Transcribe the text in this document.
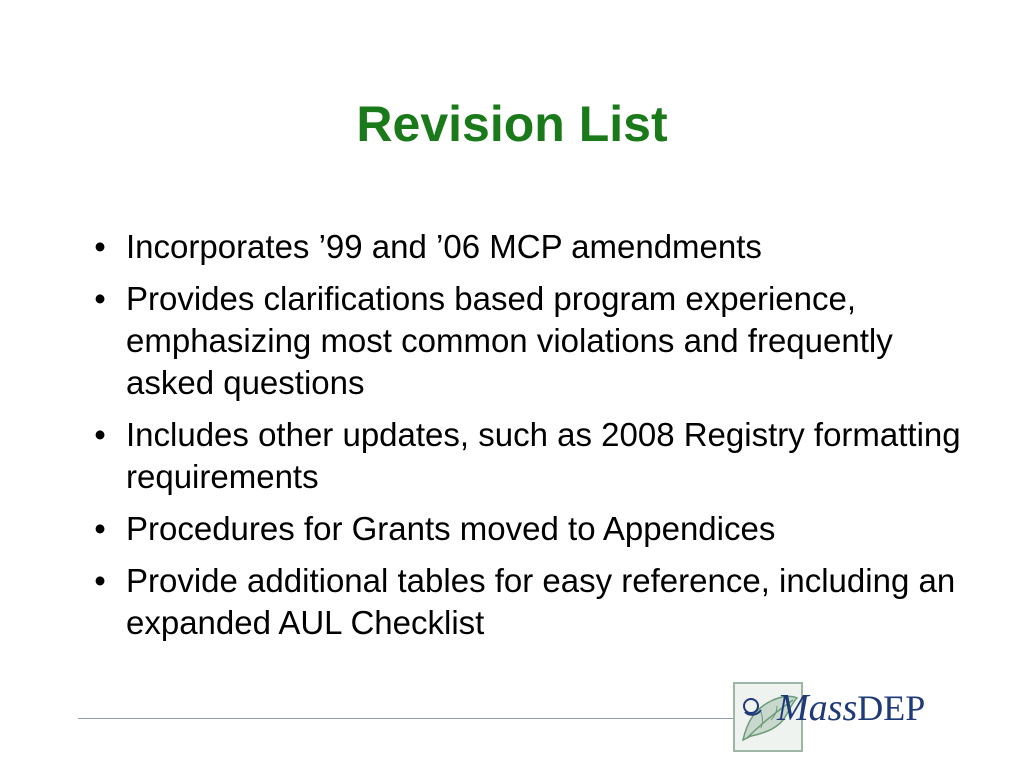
Revision List
• Incorporates ’99 and ’06 MCP amendments
• Provides clarifications based program experience, emphasizing most common violations and frequently asked questions
• Includes other updates, such as 2008 Registry formatting requirements
• Procedures for Grants moved to Appendices
• Provide additional tables for easy reference, including an expanded AUL Checklist
MassDEP
